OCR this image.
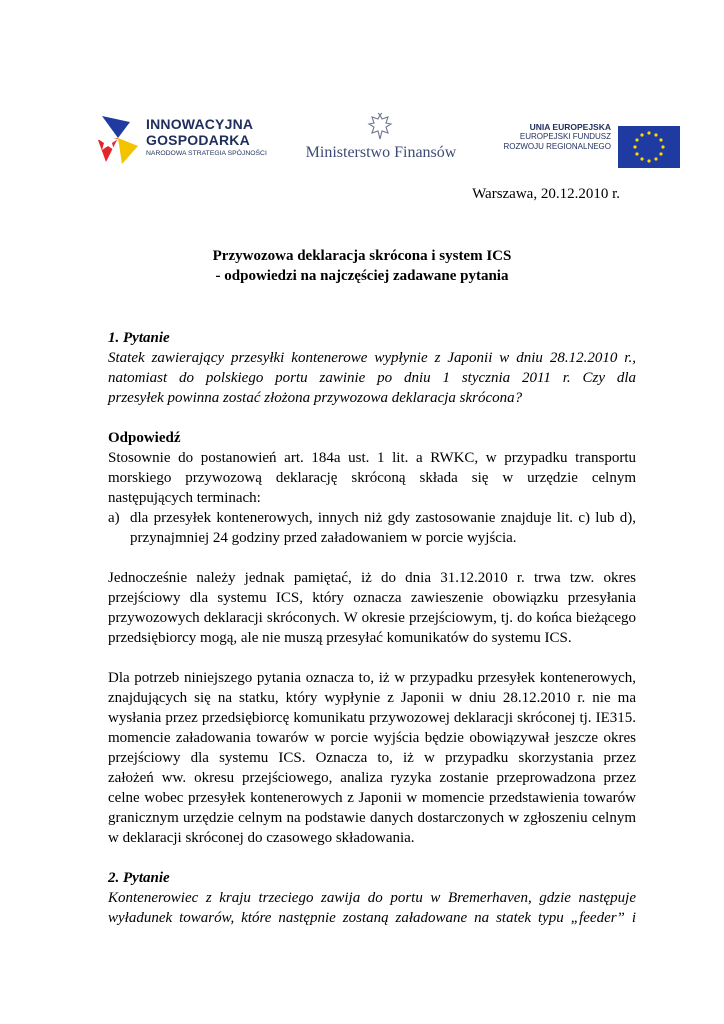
INNOWACYJNA
GOSPODARKA
NARODOWA STRATEGIA SPÓJNOŚCI Ministerstwo Finansów
UNIA EUROPEJSKA
EUROPEJSKI FUNDUSZ
ROZWOJU REGIONALNEGO
Warszawa, 20.12.2010 r.
Przywozowa deklaracja skrócona i system ICS
- odpowiedzi na najczęściej zadawane pytania
1. Pytanie
Statek zawierający przesyłki kontenerowe wypłynie z Japonii w dniu 28.12.2010 r.,
natomiast do polskiego portu zawinie po dniu 1 stycznia 2011 r. Czy dla
przesyłek powinna zostać złożona przywozowa deklaracja skrócona?
Odpowiedź
Stosownie do postanowień art. 184a ust. 1 lit. a RWKC, w przypadku transportu
morskiego przywozową deklarację skróconą składa się w urzędzie celnym
następujących terminach:
a) dla przesyłek kontenerowych, innych niż gdy zastosowanie znajduje lit. c) lub d),
przynajmniej 24 godziny przed załadowaniem w porcie wyjścia.
Jednocześnie należy jednak pamiętać, iż do dnia 31.12.2010 r. trwa tzw. okres
przejściowy dla systemu ICS, który oznacza zawieszenie obowiązku przesyłania
przywozowych deklaracji skróconych. W okresie przejściowym, tj. do końca bieżącego
przedsiębiorcy mogą, ale nie muszą przesyłać komunikatów do systemu ICS.
Dla potrzeb niniejszego pytania oznacza to, iż w przypadku przesyłek kontenerowych,
znajdujących się na statku, który wypłynie z Japonii w dniu 28.12.2010 r. nie ma
wysłania przez przedsiębiorcę komunikatu przywozowej deklaracji skróconej tj. IE315.
momencie załadowania towarów w porcie wyjścia będzie obowiązywał jeszcze okres
przejściowy dla systemu ICS. Oznacza to, iż w przypadku skorzystania przez
założeń ww. okresu przejściowego, analiza ryzyka zostanie przeprowadzona przez
celne wobec przesyłek kontenerowych z Japonii w momencie przedstawienia towarów
granicznym urzędzie celnym na podstawie danych dostarczonych w zgłoszeniu celnym
w deklaracji skróconej do czasowego składowania.
2. Pytanie
Kontenerowiec z kraju trzeciego zawija do portu w Bremerhaven, gdzie następuje
wyładunek towarów, które następnie zostaną załadowane na statek typu „feeder” i
